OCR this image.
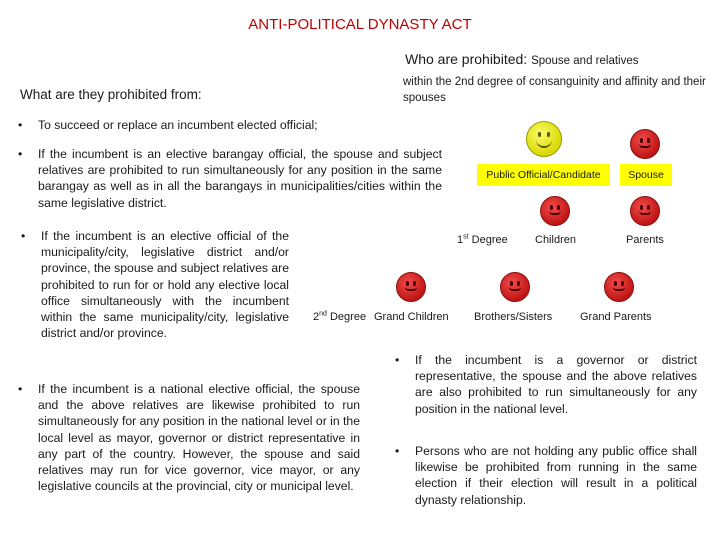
ANTI-POLITICAL DYNASTY ACT
Who are prohibited: Spouse and relatives
within the 2nd degree of consanguinity and affinity and their spouses
What are they prohibited from:
• To succeed or replace an incumbent elected official;
• If the incumbent is an elective barangay official, the spouse and subject relatives are prohibited to run simultaneously for any position in the same barangay as well as in all the barangays in municipalities/cities within the same legislative district.
• If the incumbent is an elective official of the municipality/city, legislative district and/or province, the spouse and subject relatives are prohibited to run for or hold any elective local office simultaneously with the incumbent within the same municipality/city, legislative district and/or province.
• If the incumbent is a national elective official, the spouse and the above relatives are likewise prohibited to run simultaneously for any position in the national level or in the local level as mayor, governor or district representative in any part of the country. However, the spouse and said relatives may run for vice governor, vice mayor, or any legislative councils at the provincial, city or municipal level.
• If the incumbent is a governor or district representative, the spouse and the above relatives are also prohibited to run simultaneously for any position in the national level.
• Persons who are not holding any public office shall likewise be prohibited from running in the same election if their election will result in a political dynasty relationship.
Public Official/Candidate	Spouse
1st Degree Children	Parents
2nd Degree Grand Children Brothers/Sisters	Grand Parents
